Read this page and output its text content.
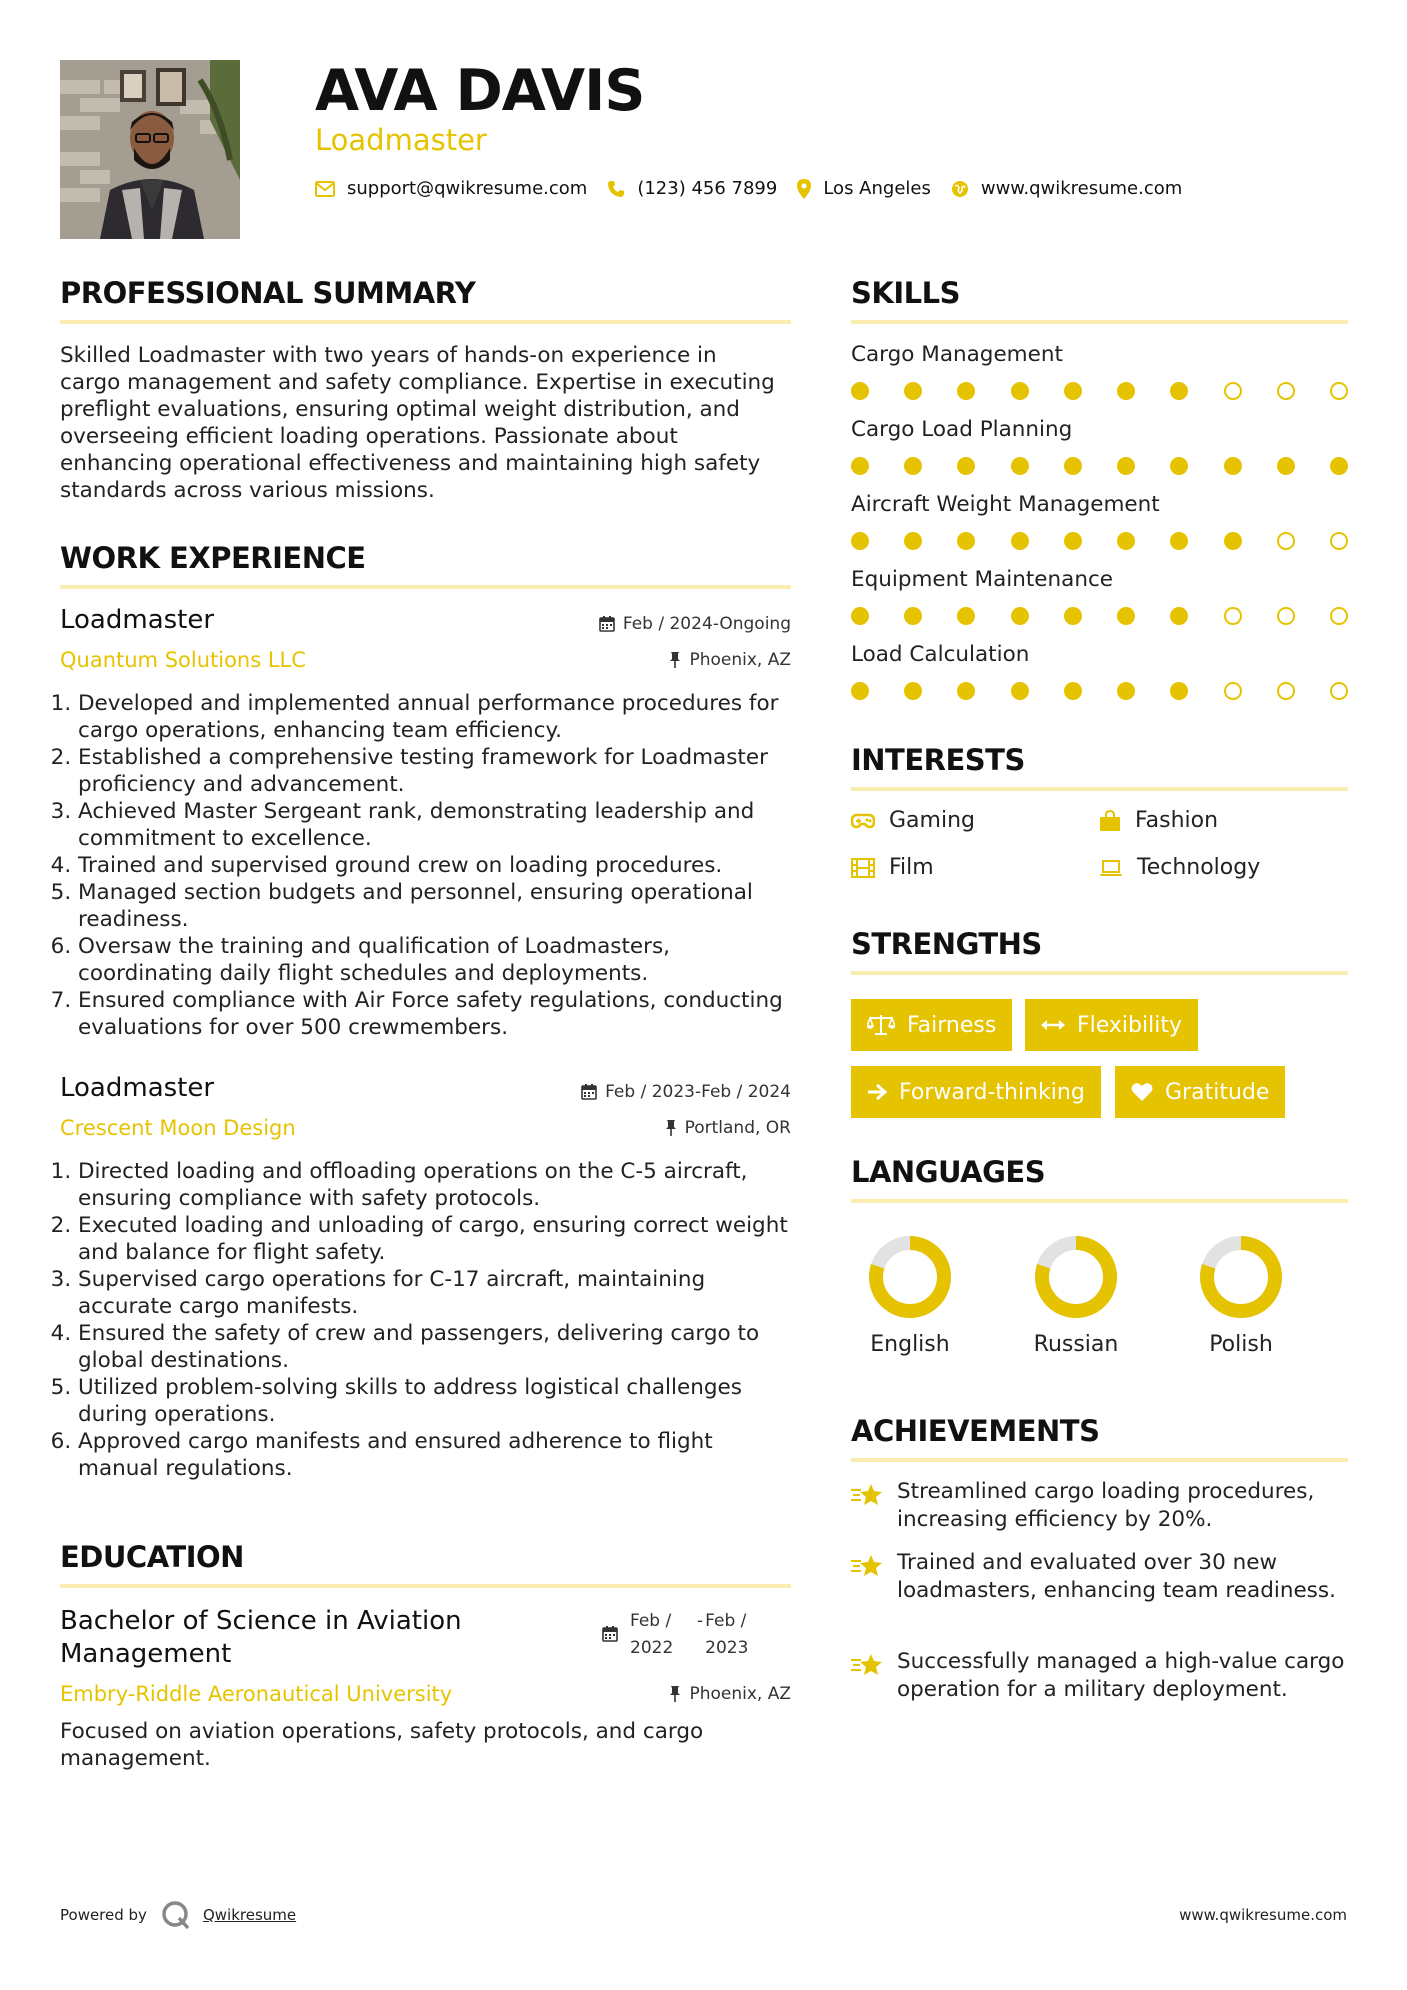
AVA DAVIS
Loadmaster
support@qwikresume.com	(123) 456 7899	Los Angeles	www.qwikresume.com
PROFESSIONAL SUMMARY
Skilled Loadmaster with two years of hands-on experience in cargo management and safety compliance. Expertise in executing preflight evaluations, ensuring optimal weight distribution, and overseeing efficient loading operations. Passionate about enhancing operational effectiveness and maintaining high safety standards across various missions.
WORK EXPERIENCE
Loadmaster	Feb / 2024-Ongoing
Quantum Solutions LLC	Phoenix, AZ
1. Developed and implemented annual performance procedures for cargo operations, enhancing team efficiency.
2. Established a comprehensive testing framework for Loadmaster proficiency and advancement.
3. Achieved Master Sergeant rank, demonstrating leadership and commitment to excellence.
4. Trained and supervised ground crew on loading procedures.
5. Managed section budgets and personnel, ensuring operational readiness.
6. Oversaw the training and qualification of Loadmasters, coordinating daily flight schedules and deployments.
7. Ensured compliance with Air Force safety regulations, conducting evaluations for over 500 crewmembers.
Loadmaster	Feb / 2023-Feb / 2024
Crescent Moon Design	Portland, OR
1. Directed loading and offloading operations on the C-5 aircraft, ensuring compliance with safety protocols.
2. Executed loading and unloading of cargo, ensuring correct weight and balance for flight safety.
3. Supervised cargo operations for C-17 aircraft, maintaining accurate cargo manifests.
4. Ensured the safety of crew and passengers, delivering cargo to global destinations.
5. Utilized problem-solving skills to address logistical challenges during operations.
6. Approved cargo manifests and ensured adherence to flight manual regulations.
EDUCATION
Bachelor of Science in Aviation Management
Feb / 2022
- Feb / 2023
Embry-Riddle Aeronautical University	Phoenix, AZ
Focused on aviation operations, safety protocols, and cargo management.
SKILLS
Cargo Management
Cargo Load Planning
Aircraft Weight Management
Equipment Maintenance
Load Calculation
INTERESTS
Gaming	Fashion
Film	Technology
STRENGTHS
Fairness	Flexibility
Forward-thinking	Gratitude
LANGUAGES
English	Russian	Polish
ACHIEVEMENTS
Streamlined cargo loading procedures, increasing efficiency by 20%.
Trained and evaluated over 30 new loadmasters, enhancing team readiness.
Successfully managed a high-value cargo operation for a military deployment.
Powered by	Qwikresume	www.qwikresume.com
